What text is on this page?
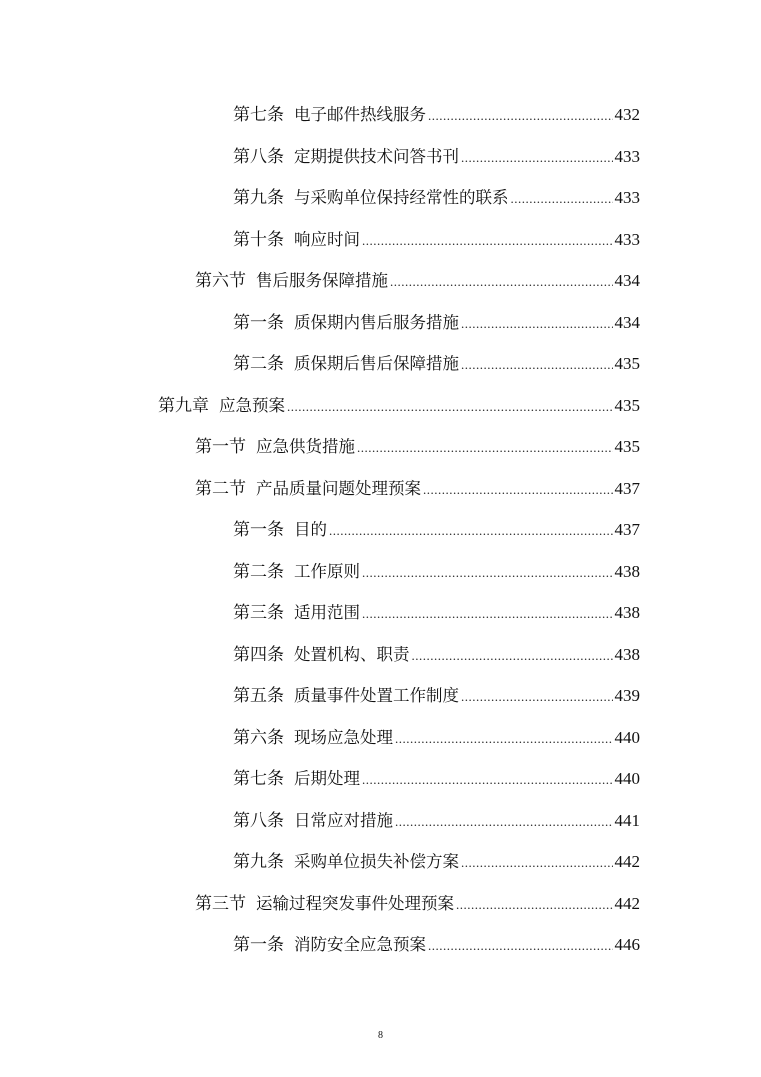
第七条 电子邮件热线服务 .....	432
第八条 定期提供技术问答书刊 .....	433
第九条 与采购单位保持经常性的联系 .....	433
第十条 响应时间 .....	433
第六节 售后服务保障措施 .....	434
第一条 质保期内售后服务措施 .....	434
第二条 质保期后售后保障措施 .....	435
第九章 应急预案 .....	435
第一节 应急供货措施 .....	435
第二节 产品质量问题处理预案 .....	437
第一条 目的 .....	437
第二条 工作原则 .....	438
第三条 适用范围 .....	438
第四条 处置机构、职责 .....	438
第五条 质量事件处置工作制度 .....	439
第六条 现场应急处理 .....	440
第七条 后期处理 .....	440
第八条 日常应对措施 .....	441
第九条 采购单位损失补偿方案 .....	442
第三节 运输过程突发事件处理预案 .....	442
第一条 消防安全应急预案 .....	446
8
